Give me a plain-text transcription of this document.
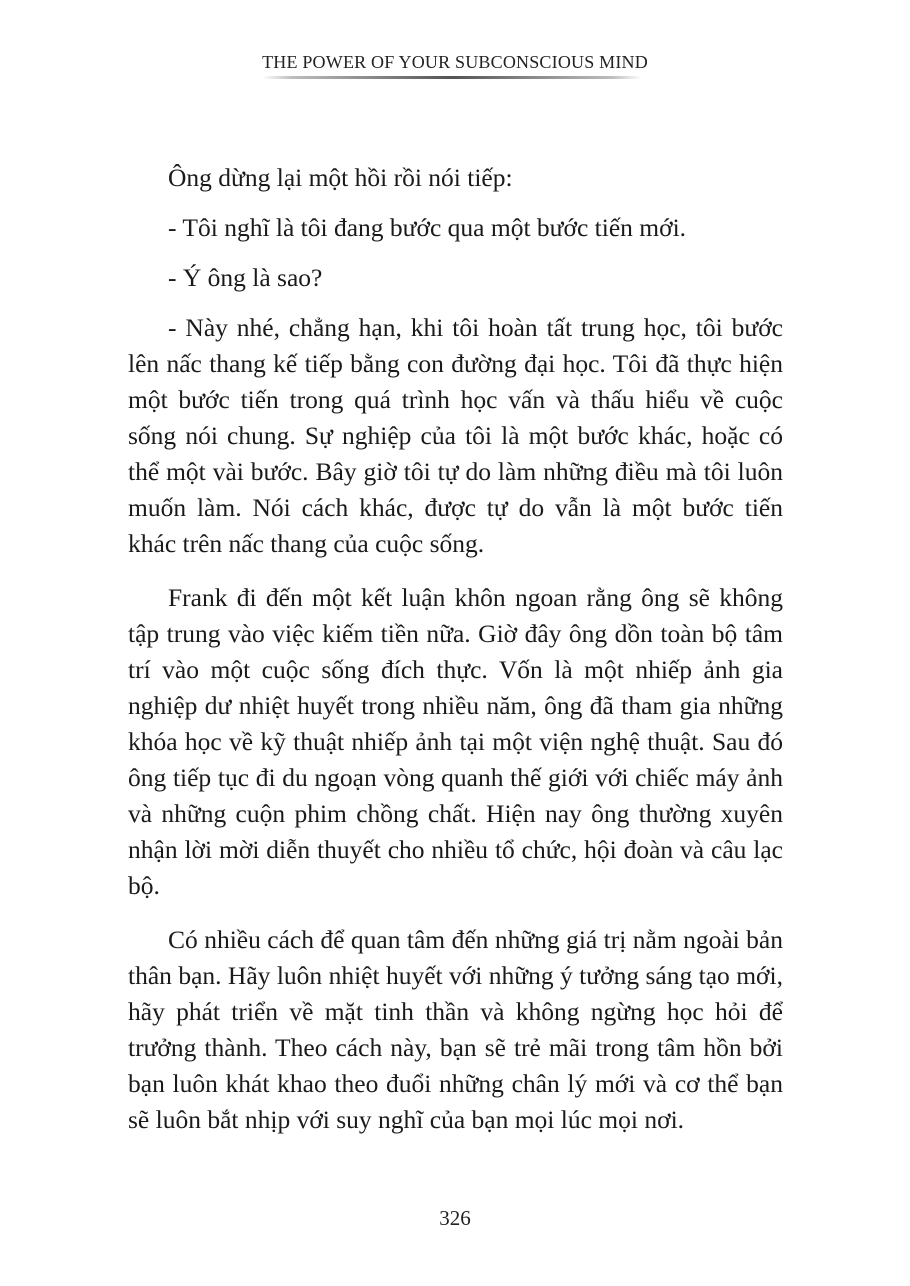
THE POWER OF YOUR SUBCONSCIOUS MIND

Ông dừng lại một hồi rồi nói tiếp:

- Tôi nghĩ là tôi đang bước qua một bước tiến mới.

- Ý ông là sao?

- Này nhé, chẳng hạn, khi tôi hoàn tất trung học, tôi bước lên nấc thang kế tiếp bằng con đường đại học. Tôi đã thực hiện một bước tiến trong quá trình học vấn và thấu hiểu về cuộc sống nói chung. Sự nghiệp của tôi là một bước khác, hoặc có thể một vài bước. Bây giờ tôi tự do làm những điều mà tôi luôn muốn làm. Nói cách khác, được tự do vẫn là một bước tiến khác trên nấc thang của cuộc sống.

Frank đi đến một kết luận khôn ngoan rằng ông sẽ không tập trung vào việc kiếm tiền nữa. Giờ đây ông dồn toàn bộ tâm trí vào một cuộc sống đích thực. Vốn là một nhiếp ảnh gia nghiệp dư nhiệt huyết trong nhiều năm, ông đã tham gia những khóa học về kỹ thuật nhiếp ảnh tại một viện nghệ thuật. Sau đó ông tiếp tục đi du ngoạn vòng quanh thế giới với chiếc máy ảnh và những cuộn phim chồng chất. Hiện nay ông thường xuyên nhận lời mời diễn thuyết cho nhiều tổ chức, hội đoàn và câu lạc bộ.

Có nhiều cách để quan tâm đến những giá trị nằm ngoài bản thân bạn. Hãy luôn nhiệt huyết với những ý tưởng sáng tạo mới, hãy phát triển về mặt tinh thần và không ngừng học hỏi để trưởng thành. Theo cách này, bạn sẽ trẻ mãi trong tâm hồn bởi bạn luôn khát khao theo đuổi những chân lý mới và cơ thể bạn sẽ luôn bắt nhịp với suy nghĩ của bạn mọi lúc mọi nơi.

326
